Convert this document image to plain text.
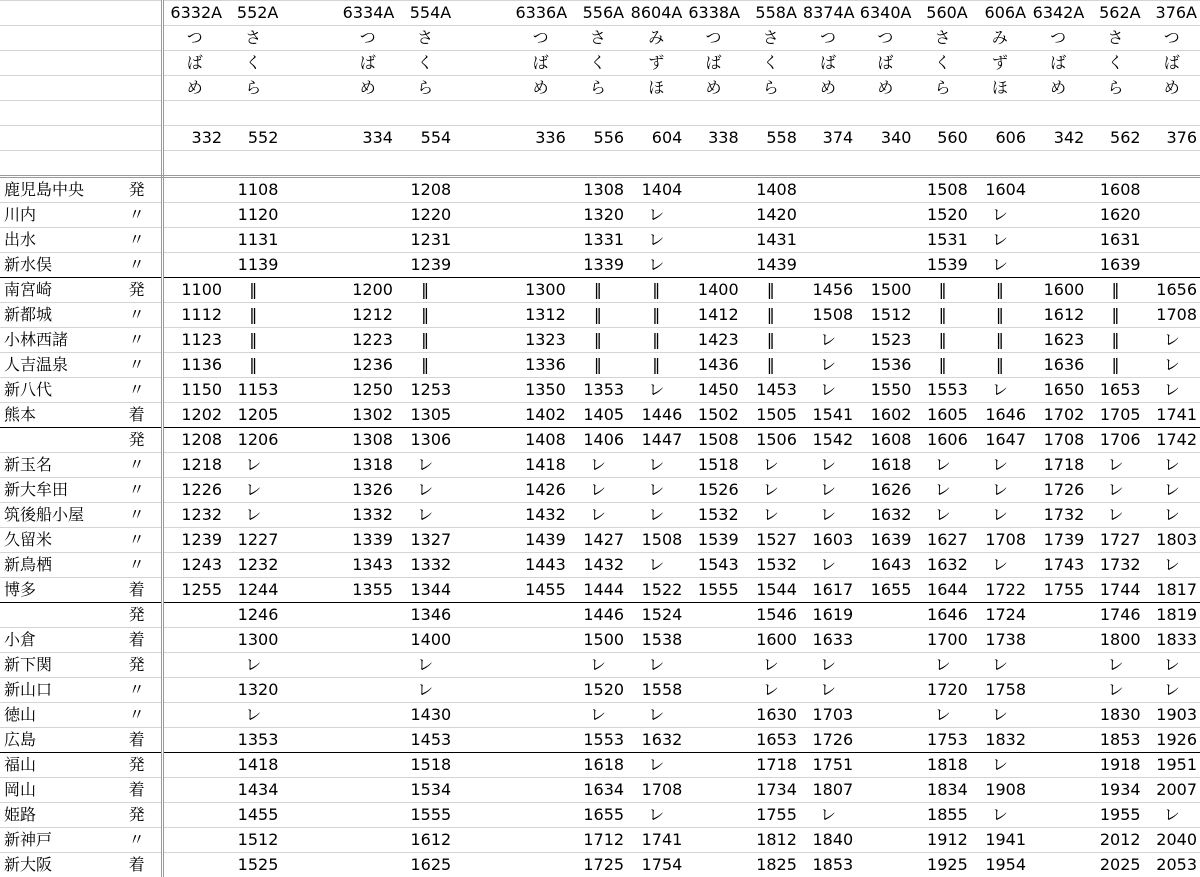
		6332A	552A		6334A	554A		6336A	556A	8604A	6338A	558A	8374A	6340A	560A	606A	6342A	562A	376A
		つ	さ		つ	さ		つ	さ	み	つ	さ	つ	つ	さ	み	つ	さ	つ
		ば	く		ば	く		ば	く	ず	ば	く	ば	ば	く	ず	ば	く	ば
		め	ら		め	ら		め	ら	ほ	め	ら	め	め	ら	ほ	め	ら	め

		332	552		334	554		336	556	604	338	558	374	340	560	606	342	562	376

鹿児島中央	発		1108			1208			1308	1404		1408			1508	1604		1608	
川内	〃		1120			1220			1320	レ		1420			1520	レ		1620	
出水	〃		1131			1231			1331	レ		1431			1531	レ		1631	
新水俣	〃		1139			1239			1339	レ		1439			1539	レ		1639	
南宮崎	発	1100	‖		1200	‖		1300	‖	‖	1400	‖	1456	1500	‖	‖	1600	‖	1656
新都城	〃	1112	‖		1212	‖		1312	‖	‖	1412	‖	1508	1512	‖	‖	1612	‖	1708
小林西諸	〃	1123	‖		1223	‖		1323	‖	‖	1423	‖	レ	1523	‖	‖	1623	‖	レ
人吉温泉	〃	1136	‖		1236	‖		1336	‖	‖	1436	‖	レ	1536	‖	‖	1636	‖	レ
新八代	〃	1150	1153		1250	1253		1350	1353	レ	1450	1453	レ	1550	1553	レ	1650	1653	レ
熊本	着	1202	1205		1302	1305		1402	1405	1446	1502	1505	1541	1602	1605	1646	1702	1705	1741
	発	1208	1206		1308	1306		1408	1406	1447	1508	1506	1542	1608	1606	1647	1708	1706	1742
新玉名	〃	1218	レ		1318	レ		1418	レ	レ	1518	レ	レ	1618	レ	レ	1718	レ	レ
新大牟田	〃	1226	レ		1326	レ		1426	レ	レ	1526	レ	レ	1626	レ	レ	1726	レ	レ
筑後船小屋	〃	1232	レ		1332	レ		1432	レ	レ	1532	レ	レ	1632	レ	レ	1732	レ	レ
久留米	〃	1239	1227		1339	1327		1439	1427	1508	1539	1527	1603	1639	1627	1708	1739	1727	1803
新鳥栖	〃	1243	1232		1343	1332		1443	1432	レ	1543	1532	レ	1643	1632	レ	1743	1732	レ
博多	着	1255	1244		1355	1344		1455	1444	1522	1555	1544	1617	1655	1644	1722	1755	1744	1817
	発		1246			1346			1446	1524		1546	1619		1646	1724		1746	1819
小倉	着		1300			1400			1500	1538		1600	1633		1700	1738		1800	1833
新下関	発		レ			レ			レ	レ		レ	レ		レ	レ		レ	レ
新山口	〃		1320			レ			1520	1558		レ	レ		1720	1758		レ	レ
徳山	〃		レ			1430			レ	レ		1630	1703		レ	レ		1830	1903
広島	着		1353			1453			1553	1632		1653	1726		1753	1832		1853	1926
福山	発		1418			1518			1618	レ		1718	1751		1818	レ		1918	1951
岡山	着		1434			1534			1634	1708		1734	1807		1834	1908		1934	2007
姫路	発		1455			1555			1655	レ		1755	レ		1855	レ		1955	レ
新神戸	〃		1512			1612			1712	1741		1812	1840		1912	1941		2012	2040
新大阪	着		1525			1625			1725	1754		1825	1853		1925	1954		2025	2053
